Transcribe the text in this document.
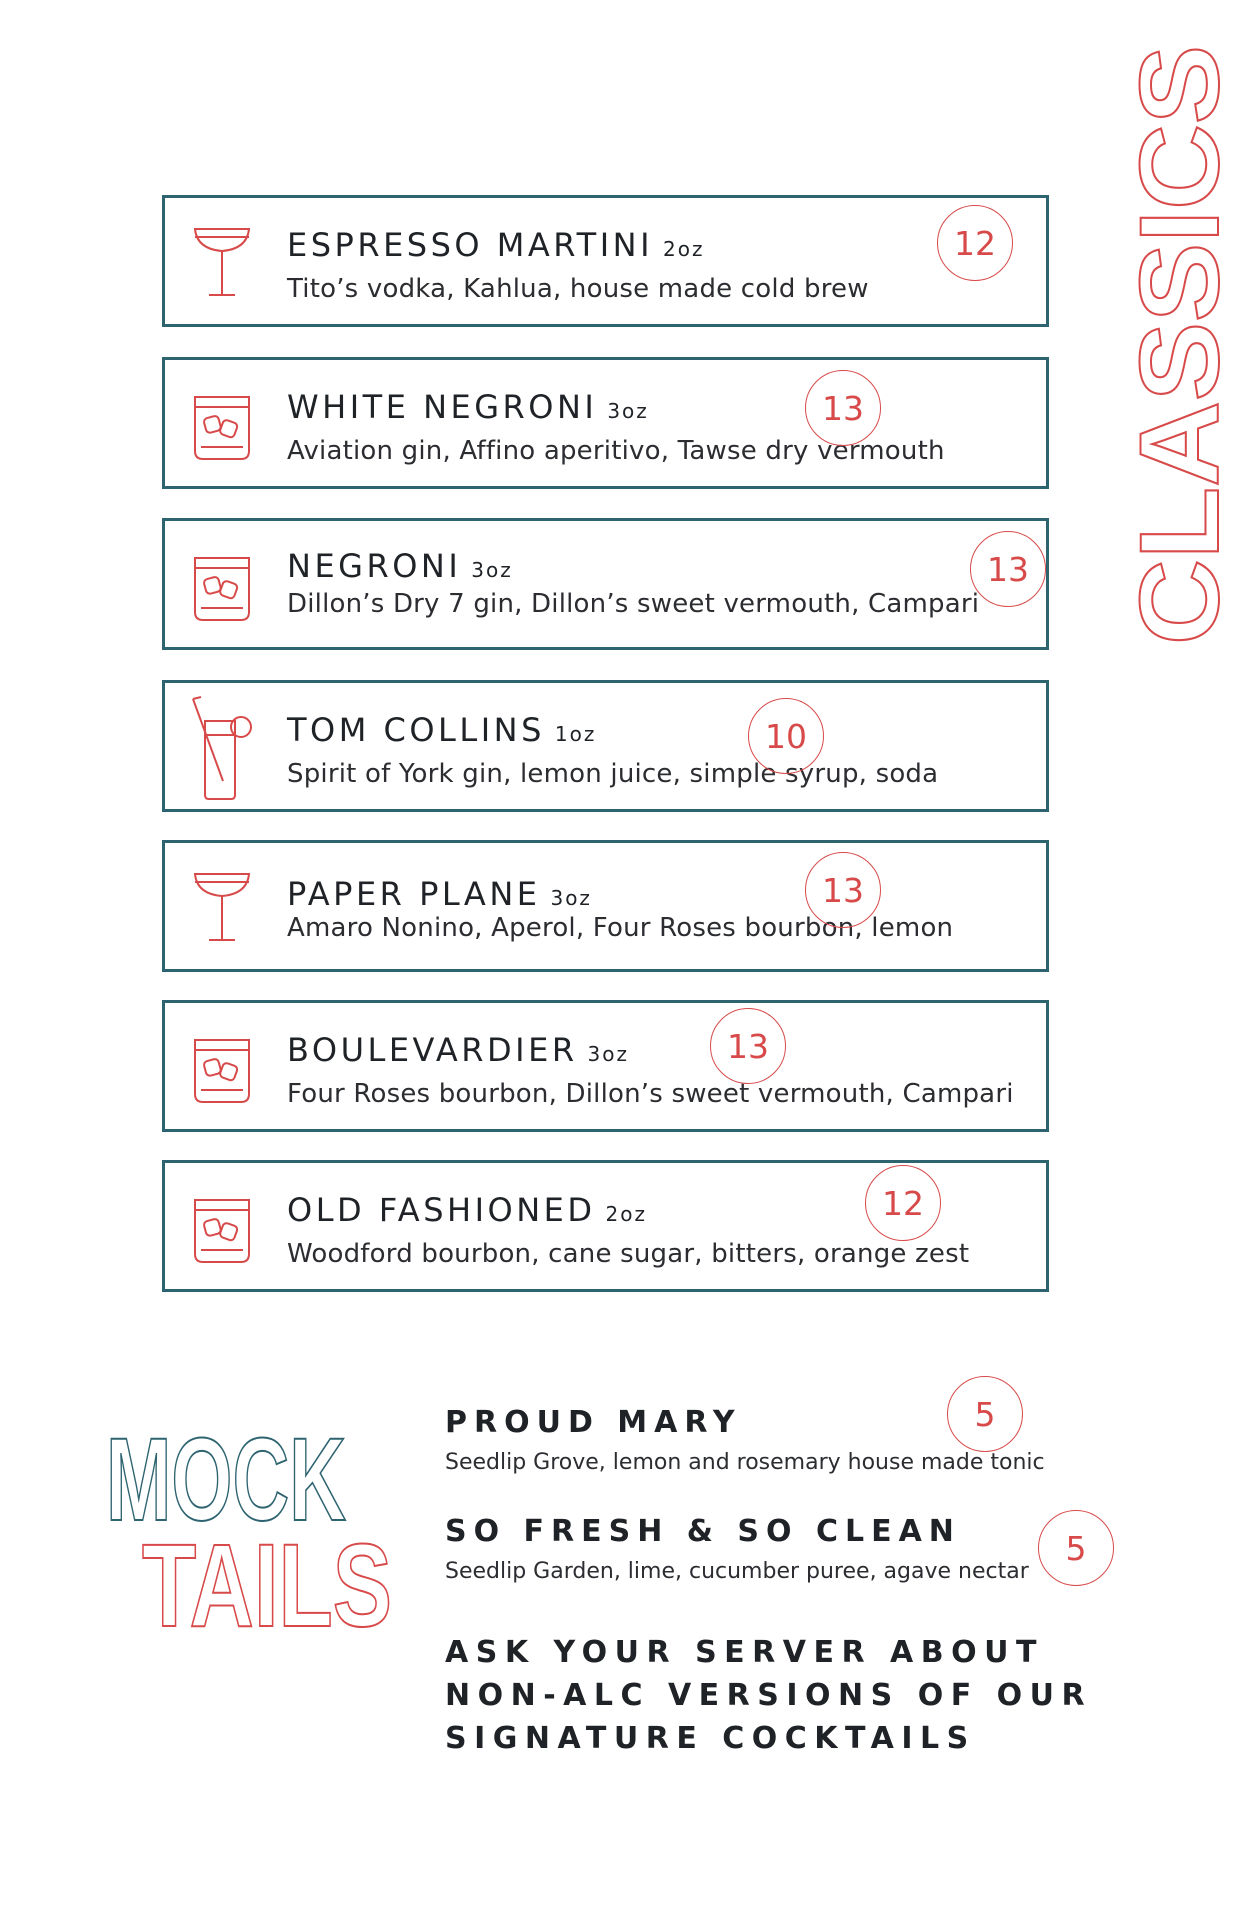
CLASSICS
ESPRESSO MARTINI 2oz
Tito’s vodka, Kahlua, house made cold brew
12
WHITE NEGRONI 3oz
Aviation gin, Affino aperitivo, Tawse dry vermouth
13
NEGRONI 3oz
Dillon’s Dry 7 gin, Dillon’s sweet vermouth, Campari
13
TOM COLLINS 1oz
Spirit of York gin, lemon juice, simple syrup, soda
10
PAPER PLANE 3oz
Amaro Nonino, Aperol, Four Roses bourbon, lemon
13
BOULEVARDIER 3oz
Four Roses bourbon, Dillon’s sweet vermouth, Campari
13
OLD FASHIONED 2oz
Woodford bourbon, cane sugar, bitters, orange zest
12
MOCK
TAILS
PROUD MARY
Seedlip Grove, lemon and rosemary house made tonic
5
SO FRESH & SO CLEAN
Seedlip Garden, lime, cucumber puree, agave nectar
5
ASK YOUR SERVER ABOUT
NON-ALC VERSIONS OF OUR
SIGNATURE COCKTAILS
